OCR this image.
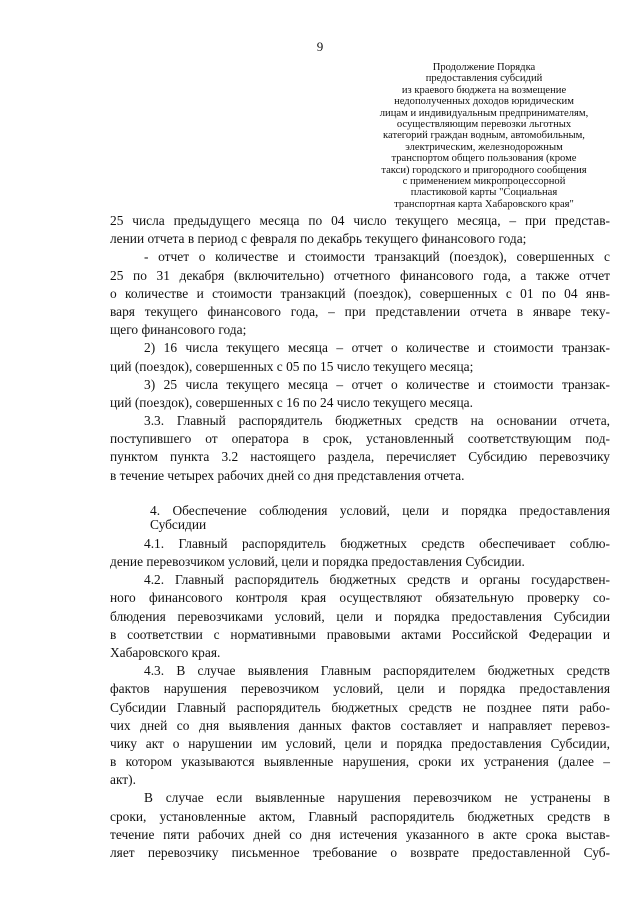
9
Продолжение Порядка
предоставления субсидий
из краевого бюджета на возмещение
недополученных доходов юридическим
лицам и индивидуальным предпринимателям,
осуществляющим перевозки льготных
категорий граждан водным, автомобильным,
электрическим, железнодорожным
транспортом общего пользования (кроме
такси) городского и пригородного сообщения
с применением микропроцессорной
пластиковой карты "Социальная
транспортная карта Хабаровского края"
25 числа предыдущего месяца по 04 число текущего месяца, – при представ-
лении отчета в период с февраля по декабрь текущего финансового года;
- отчет о количестве и стоимости транзакций (поездок), совершенных с
25 по 31 декабря (включительно) отчетного финансового года, а также отчет
о количестве и стоимости транзакций (поездок), совершенных с 01 по 04 янв-
варя текущего финансового года, – при представлении отчета в январе теку-
щего финансового года;
2) 16 числа текущего месяца – отчет о количестве и стоимости транзак-
ций (поездок), совершенных с 05 по 15 число текущего месяца;
3) 25 числа текущего месяца – отчет о количестве и стоимости транзак-
ций (поездок), совершенных с 16 по 24 число текущего месяца.
3.3. Главный распорядитель бюджетных средств на основании отчета,
поступившего от оператора в срок, установленный соответствующим под-
пунктом пункта 3.2 настоящего раздела, перечисляет Субсидию перевозчику
в течение четырех рабочих дней со дня представления отчета.
4. Обеспечение соблюдения условий, цели и порядка предоставления
Субсидии
4.1. Главный распорядитель бюджетных средств обеспечивает соблю-
дение перевозчиком условий, цели и порядка предоставления Субсидии.
4.2. Главный распорядитель бюджетных средств и органы государствен-
ного финансового контроля края осуществляют обязательную проверку со-
блюдения перевозчиками условий, цели и порядка предоставления Субсидии
в соответствии с нормативными правовыми актами Российской Федерации и
Хабаровского края.
4.3. В случае выявления Главным распорядителем бюджетных средств
фактов нарушения перевозчиком условий, цели и порядка предоставления
Субсидии Главный распорядитель бюджетных средств не позднее пяти рабо-
чих дней со дня выявления данных фактов составляет и направляет перевоз-
чику акт о нарушении им условий, цели и порядка предоставления Субсидии,
в котором указываются выявленные нарушения, сроки их устранения (далее –
акт).
В случае если выявленные нарушения перевозчиком не устранены в
сроки, установленные актом, Главный распорядитель бюджетных средств в
течение пяти рабочих дней со дня истечения указанного в акте срока выстав-
ляет перевозчику письменное требование о возврате предоставленной Суб-
